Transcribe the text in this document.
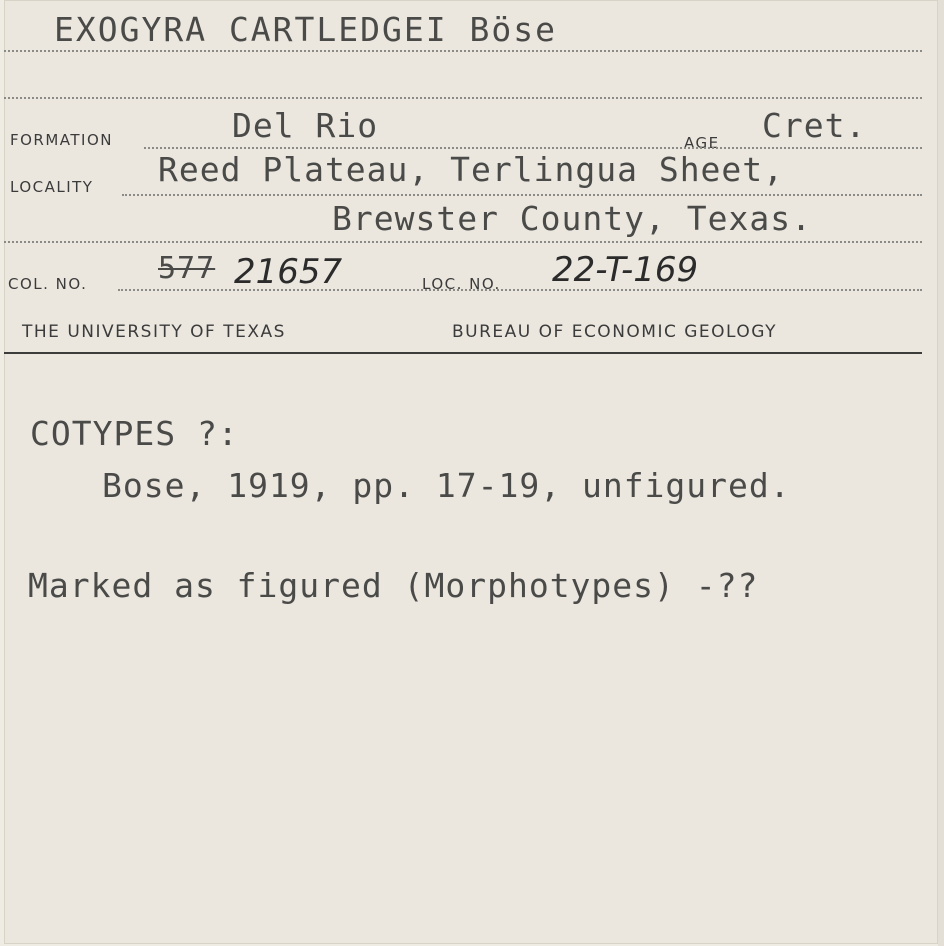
EXOGYRA CARTLEDGEI Böse
FORMATION	Del Rio	AGE Cret.
LOCALITY Reed Plateau, Terlingua Sheet,
Brewster County, Texas.
COL. NO. 577 21657	LOC. NO. 22-T-169
THE UNIVERSITY OF TEXAS	BUREAU OF ECONOMIC GEOLOGY
COTYPES ?:
Bose, 1919, pp. 17-19, unfigured.
Marked as figured (Morphotypes) -??
